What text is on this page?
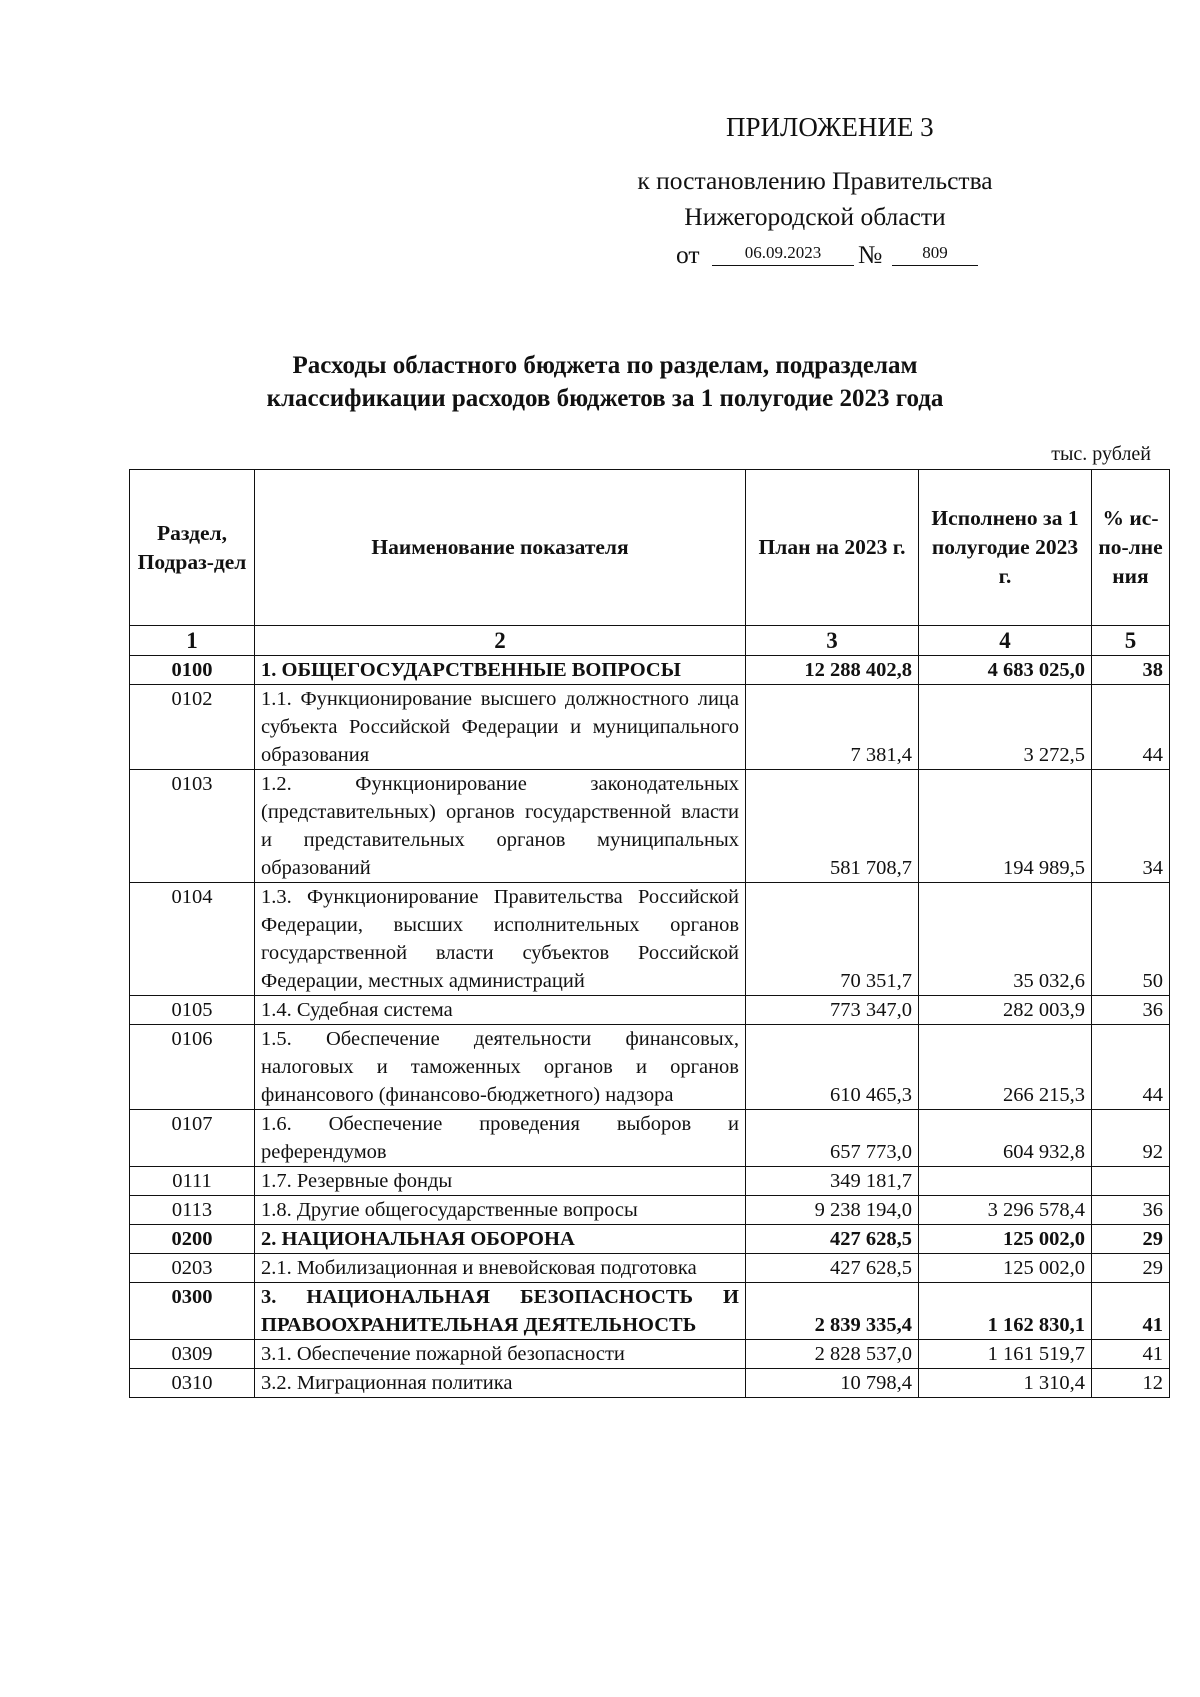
ПРИЛОЖЕНИЕ 3
к постановлению Правительства
Нижегородской области
от	06.09.2023	№	809
Расходы областного бюджета по разделам, подразделам
классификации расходов бюджетов за 1 полугодие 2023 года
тыс. рублей
Раздел, Подраз-дел	Наименование показателя	План на 2023 г.	Исполнено за 1 полугодие 2023 г.	% ис-по-лне ния
1	2	3	4	5
0100	1. ОБЩЕГОСУДАРСТВЕННЫЕ ВОПРОСЫ	12 288 402,8	4 683 025,0	38
0102	1.1. Функционирование высшего должностного лица субъекта Российской Федерации и муниципального образования	7 381,4	3 272,5	44
0103	1.2. Функционирование законодательных (представительных) органов государственной власти и представительных органов муниципальных образований	581 708,7	194 989,5	34
0104	1.3. Функционирование Правительства Российской Федерации, высших исполнительных органов государственной власти субъектов Российской Федерации, местных администраций	70 351,7	35 032,6	50
0105	1.4. Судебная система	773 347,0	282 003,9	36
0106	1.5. Обеспечение деятельности финансовых, налоговых и таможенных органов и органов финансового (финансово-бюджетного) надзора	610 465,3	266 215,3	44
0107	1.6. Обеспечение проведения выборов и референдумов	657 773,0	604 932,8	92
0111	1.7. Резервные фонды	349 181,7		
0113	1.8. Другие общегосударственные вопросы	9 238 194,0	3 296 578,4	36
0200	2. НАЦИОНАЛЬНАЯ ОБОРОНА	427 628,5	125 002,0	29
0203	2.1. Мобилизационная и вневойсковая подготовка	427 628,5	125 002,0	29
0300	3. НАЦИОНАЛЬНАЯ БЕЗОПАСНОСТЬ И ПРАВООХРАНИТЕЛЬНАЯ ДЕЯТЕЛЬНОСТЬ	2 839 335,4	1 162 830,1	41
0309	3.1. Обеспечение пожарной безопасности	2 828 537,0	1 161 519,7	41
0310	3.2. Миграционная политика	10 798,4	1 310,4	12
